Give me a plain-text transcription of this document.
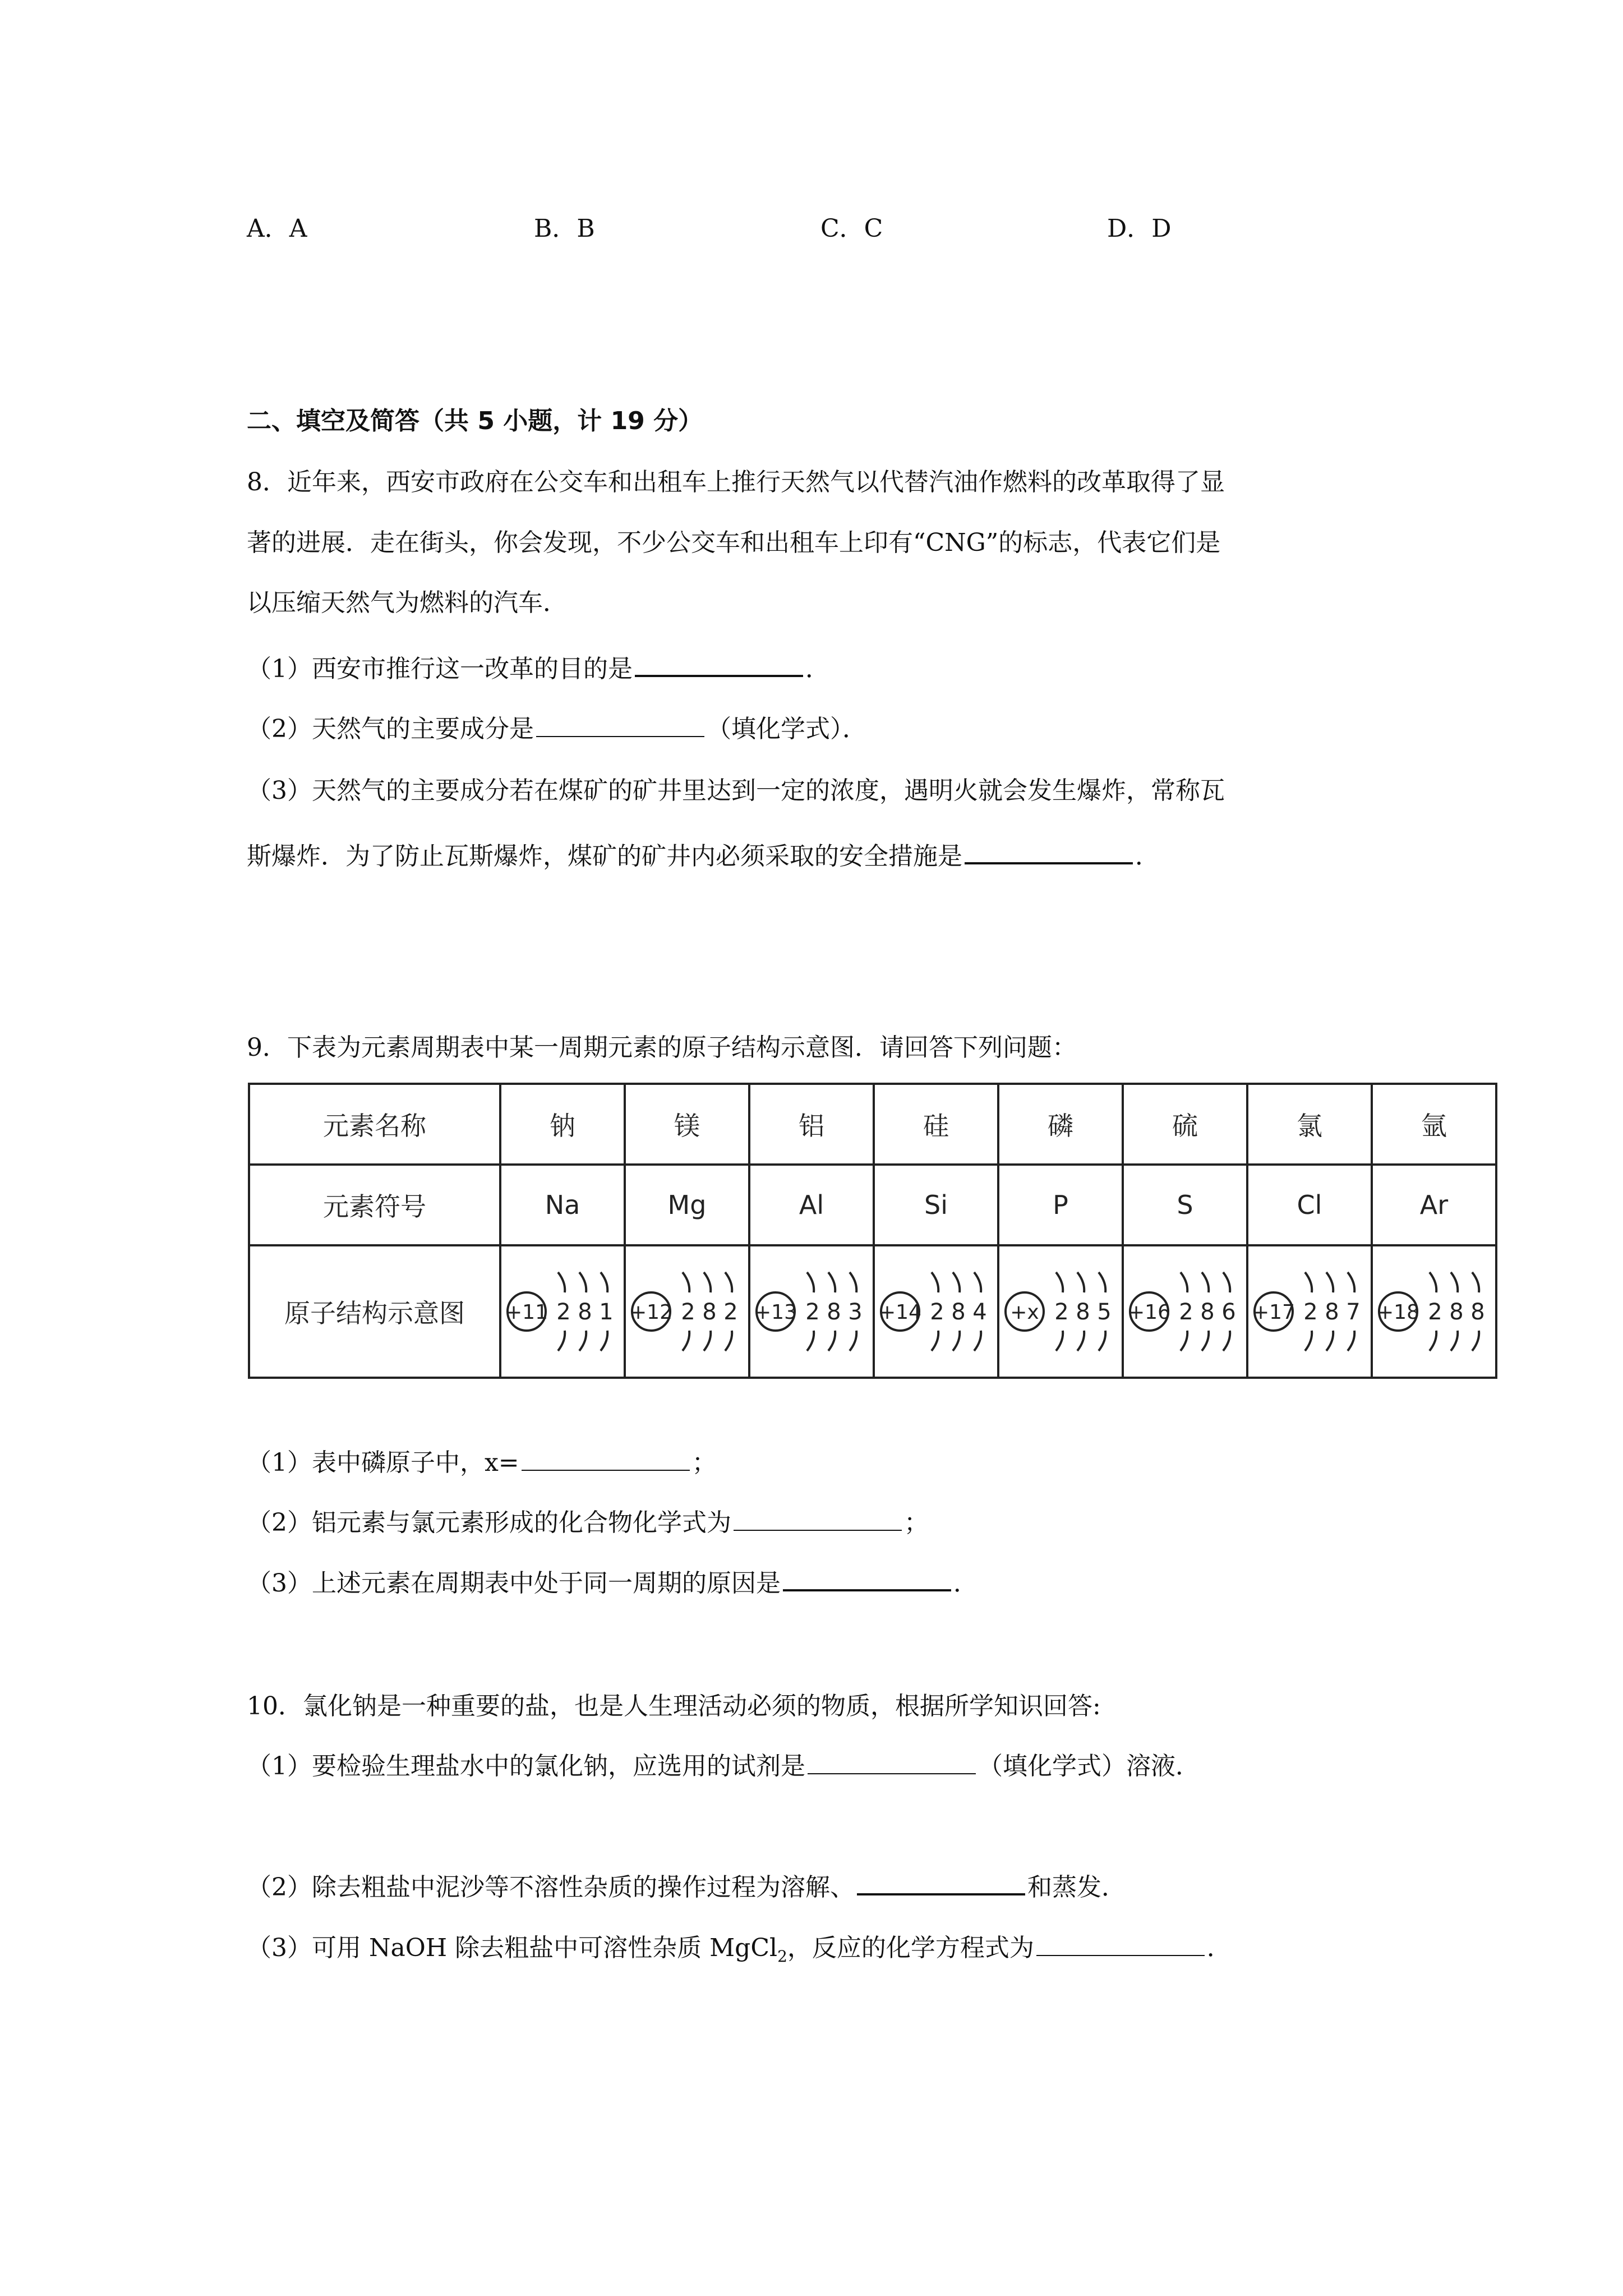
A．A	B．B	C．C	D．D
二、填空及简答（共 5 小题，计 19 分）
8．近年来，西安市政府在公交车和出租车上推行天然气以代替汽油作燃料的改革取得了显
著的进展．走在街头，你会发现，不少公交车和出租车上印有“CNG”的标志，代表它们是
以压缩天然气为燃料的汽车．
（1）西安市推行这一改革的目的是	．
（2）天然气的主要成分是	（填化学式）．
（3）天然气的主要成分若在煤矿的矿井里达到一定的浓度，遇明火就会发生爆炸，常称瓦
斯爆炸．为了防止瓦斯爆炸，煤矿的矿井内必须采取的安全措施是	．
9．下表为元素周期表中某一周期元素的原子结构示意图．请回答下列问题：
元素名称	钠	镁	铝	硅	磷	硫	氯	氩
元素符号	Na	Mg	Al	Si	P	S	Cl	Ar
原子结构示意图	+11 2 8 1	+12 2 8 2	+13 2 8 3	+14 2 8 4	+x 2 8 5	+16 2 8 6	+17 2 8 7	+18 2 8 8
（1）表中磷原子中，x=	；
（2）铝元素与氯元素形成的化合物化学式为	；
（3）上述元素在周期表中处于同一周期的原因是	．
10．氯化钠是一种重要的盐，也是人生理活动必须的物质，根据所学知识回答:
（1）要检验生理盐水中的氯化钠，应选用的试剂是	（填化学式）溶液．
（2）除去粗盐中泥沙等不溶性杂质的操作过程为溶解、	和蒸发．
（3）可用 NaOH 除去粗盐中可溶性杂质 MgCl$_2$，反应的化学方程式为	．
